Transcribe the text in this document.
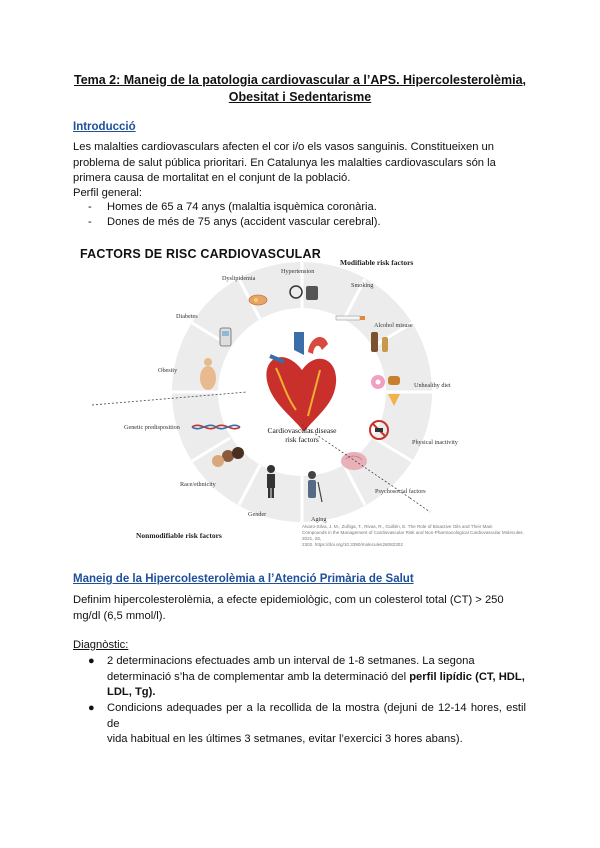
Tema 2: Maneig de la patologia cardiovascular a l’APS. Hipercolesterolèmia,
Obesitat i Sedentarisme
Introducció
Les malalties cardiovasculars afecten el cor i/o els vasos sanguinis. Constitueixen un
problema de salut pública prioritari. En Catalunya les malalties cardiovasculars són la
primera causa de mortalitat en el conjunt de la població.
Perfil general:
- Homes de 65 a 74 anys (malaltia isquèmica coronària.
- Dones de més de 75 anys (accident vascular cerebral).
FACTORS DE RISC CARDIOVASCULAR
Modifiable risk factors
Hypertension
Smoking
Alcohol misuse
Unhealthy diet
Physical inactivity
Psychosocial factors
Aging
Gender
Race/ethnicity
Genetic predisposition
Obesity
Diabetes
Dyslipidemia
Cardiovascular disease
risk factors
Nonmodifiable risk factors
Alvaro-Silva, J. M., Zuñiga, T., Rivas, R., Guillén, E. The Role of Bioactive Oils and Their Main
Compounds in the Management of Cardiovascular Risk and Non-Pharmacological Cardiovascular Molecules. 2021, 26,
2302. https://doi.org/10.3390/molecules26082302
Maneig de la Hipercolesterolèmia a l’Atenció Primària de Salut
Definim hipercolesterolèmia, a efecte epidemiològic, com un colesterol total (CT) > 250
mg/dl (6,5 mmol/l).
Diagnòstic:
● 2 determinacions efectuades amb un interval de 1-8 setmanes. La segona
determinació s’ha de complementar amb la determinació del perfil lipídic (CT, HDL,
LDL, Tg).
● Condicions adequades per a la recollida de la mostra (dejuni de 12-14 hores, estil de
vida habitual en les últimes 3 setmanes, evitar l’exercici 3 hores abans).
